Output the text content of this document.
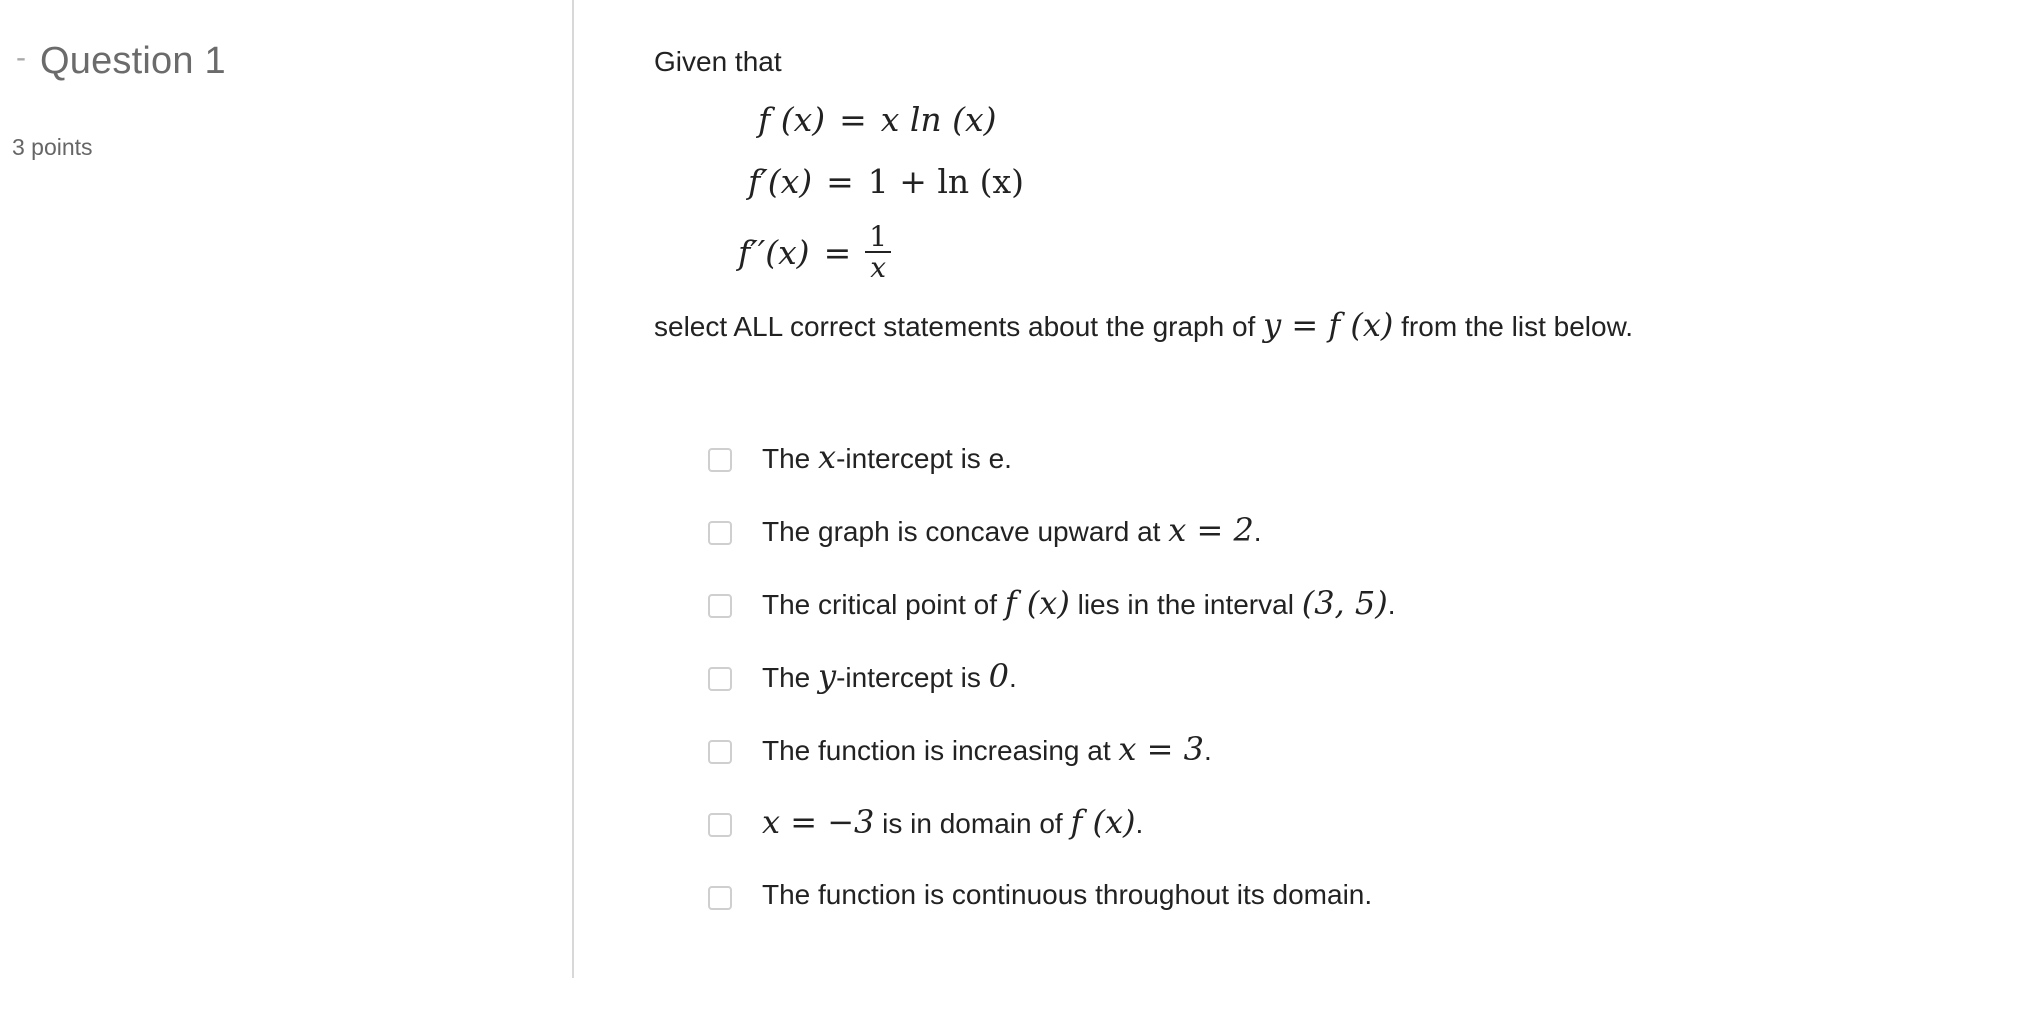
- Question 1
3 points
Given that
f (x) = x ln (x)
f′(x) = 1 + ln (x)
$f''(x) = \frac{1}{x}$
select ALL correct statements about the graph of y = f (x) from the list below.
The x-intercept is e.
The graph is concave upward at x = 2.
The critical point of f (x) lies in the interval (3, 5).
The y-intercept is 0.
The function is increasing at x = 3.
x = −3 is in domain of f (x).
The function is continuous throughout its domain.
